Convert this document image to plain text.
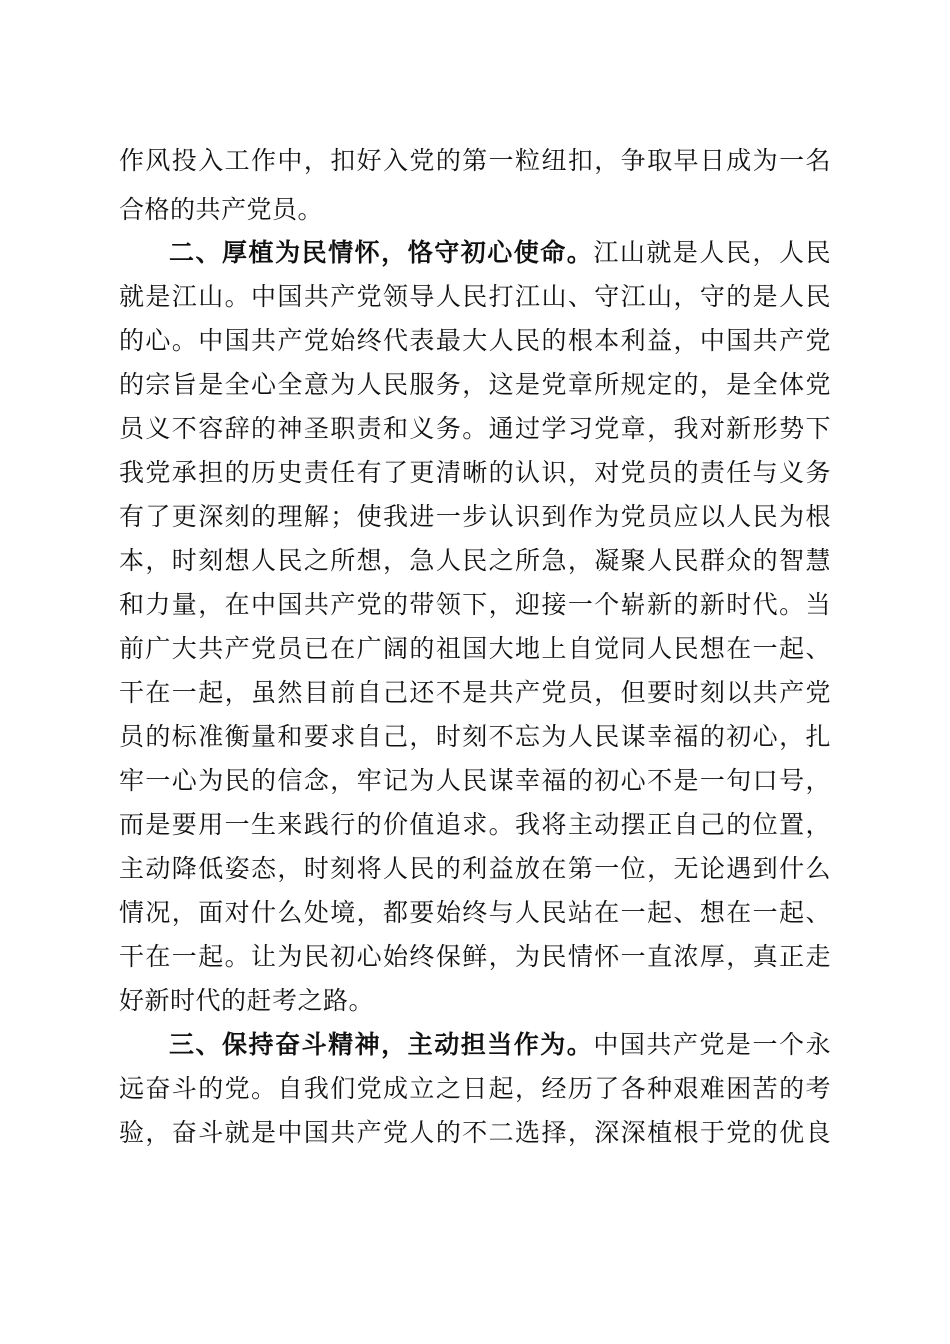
作风投入工作中，扣好入党的第一粒纽扣，争取早日成为一名
合格的共产党员。
二、厚植为民情怀，恪守初心使命。江山就是人民，人民
就是江山。中国共产党领导人民打江山、守江山，守的是人民
的心。中国共产党始终代表最大人民的根本利益，中国共产党
的宗旨是全心全意为人民服务，这是党章所规定的，是全体党
员义不容辞的神圣职责和义务。通过学习党章，我对新形势下
我党承担的历史责任有了更清晰的认识，对党员的责任与义务
有了更深刻的理解；使我进一步认识到作为党员应以人民为根
本，时刻想人民之所想，急人民之所急，凝聚人民群众的智慧
和力量，在中国共产党的带领下，迎接一个崭新的新时代。当
前广大共产党员已在广阔的祖国大地上自觉同人民想在一起、
干在一起，虽然目前自己还不是共产党员，但要时刻以共产党
员的标准衡量和要求自己，时刻不忘为人民谋幸福的初心，扎
牢一心为民的信念，牢记为人民谋幸福的初心不是一句口号，
而是要用一生来践行的价值追求。我将主动摆正自己的位置，
主动降低姿态，时刻将人民的利益放在第一位，无论遇到什么
情况，面对什么处境，都要始终与人民站在一起、想在一起、
干在一起。让为民初心始终保鲜，为民情怀一直浓厚，真正走
好新时代的赶考之路。
三、保持奋斗精神，主动担当作为。中国共产党是一个永
远奋斗的党。自我们党成立之日起，经历了各种艰难困苦的考
验，奋斗就是中国共产党人的不二选择，深深植根于党的优良
